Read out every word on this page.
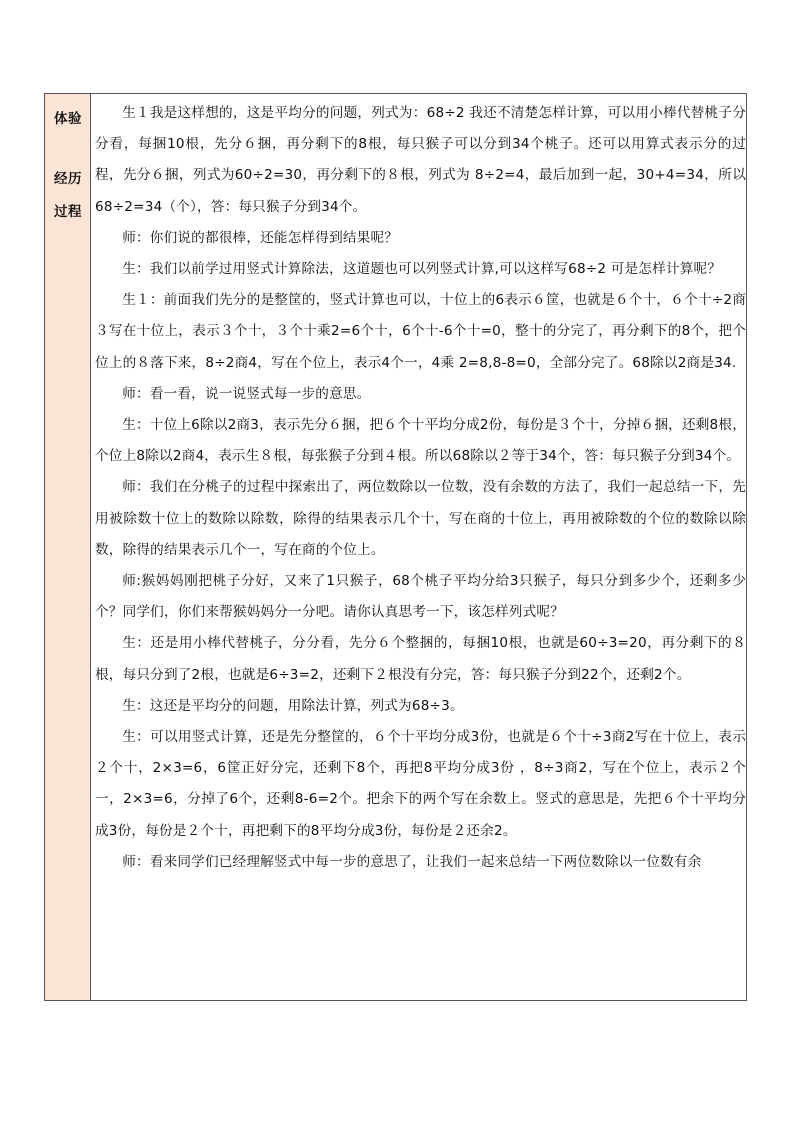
体验
经历
过程

生１我是这样想的，这是平均分的问题，列式为：68÷2 我还不清楚怎样计算，可以用小棒代替桃子分分看，每捆10根，先分６捆，再分剩下的8根，每只猴子可以分到34个桃子。还可以用算式表示分的过程，先分６捆，列式为60÷2=30，再分剩下的８根，列式为 8÷2=4，最后加到一起，30+4=34，所以 68÷2=34（个），答：每只猴子分到34个。

师：你们说的都很棒，还能怎样得到结果呢？

生：我们以前学过用竖式计算除法，这道题也可以列竖式计算,可以这样写68÷2 可是怎样计算呢？

生１：前面我们先分的是整筐的，竖式计算也可以，十位上的6表示６筐，也就是６个十，６个十÷2商３写在十位上，表示３个十，３个十乘2=6个十，6个十-6个十=0，整十的分完了，再分剩下的8个，把个位上的８落下来，8÷2商4，写在个位上，表示4个一，4乘 2=8,8-8=0，全部分完了。68除以2商是34.

师：看一看，说一说竖式每一步的意思。

生：十位上6除以2商3，表示先分６捆，把６个十平均分成2份，每份是３个十，分掉６捆，还剩8根，个位上8除以2商4，表示生８根，每张猴子分到４根。所以68除以２等于34个，答：每只猴子分到34个。

师：我们在分桃子的过程中探索出了，两位数除以一位数，没有余数的方法了，我们一起总结一下，先用被除数十位上的数除以除数，除得的结果表示几个十，写在商的十位上，再用被除数的个位的数除以除数，除得的结果表示几个一，写在商的个位上。

师:猴妈妈刚把桃子分好，又来了1只猴子，68个桃子平均分给3只猴子，每只分到多少个，还剩多少个？同学们，你们来帮猴妈妈分一分吧。请你认真思考一下，该怎样列式呢？

生：还是用小棒代替桃子，分分看，先分６个整捆的，每捆10根，也就是60÷3=20，再分剩下的８根，每只分到了2根，也就是6÷3=2，还剩下２根没有分完，答：每只猴子分到22个，还剩2个。

生：这还是平均分的问题，用除法计算，列式为68÷3。

生：可以用竖式计算，还是先分整筐的，６个十平均分成3份，也就是６个十÷3商2写在十位上，表示２个十，2×3=6，6筐正好分完，还剩下8个，再把8平均分成3份 ，8÷3商2，写在个位上，表示２个一，2×3=6，分掉了6个，还剩8-6=2个。把余下的两个写在余数上。竖式的意思是，先把６个十平均分成3份，每份是２个十，再把剩下的8平均分成3份，每份是２还余2。

师：看来同学们已经理解竖式中每一步的意思了，让我们一起来总结一下两位数除以一位数有余
